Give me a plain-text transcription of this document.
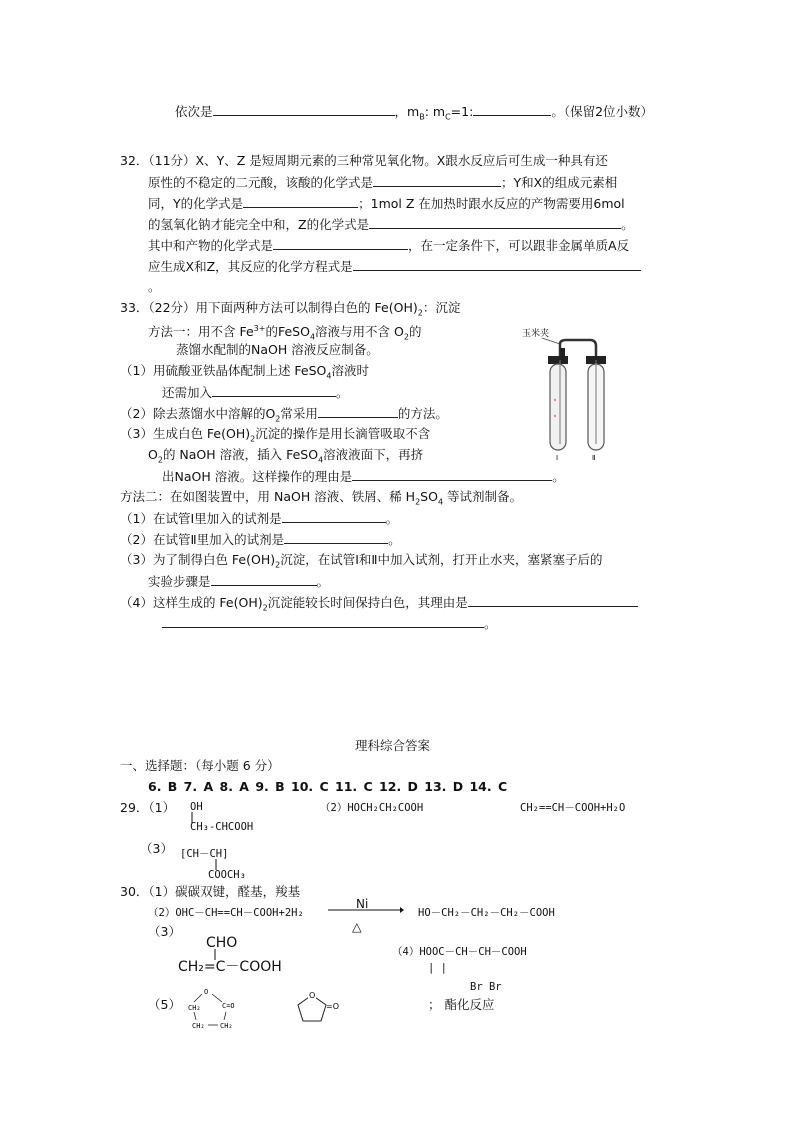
依次是	，$m_B$: $m_C=1$:	。（保留2位小数）
32．（11分）X、Y、Z 是短周期元素的三种常见氧化物。X跟水反应后可生成一种具有还
原性的不稳定的二元酸，该酸的化学式是	；Y和X的组成元素相
同，Y的化学式是	；1mol Z 在加热时跟水反应的产物需要用6mol
的氢氧化钠才能完全中和，Z的化学式是	。
其中和产物的化学式是	，在一定条件下，可以跟非金属单质A反
应生成X和Z，其反应的化学方程式是
。
33．（22分）用下面两种方法可以制得白色的 $Fe(OH)_2$：沉淀
方法一：用不含 $Fe^{3+}$的FeSO$_4$溶液与用不含 $O_2$的
蒸馏水配制的NaOH 溶液反应制备。
（1）用硫酸亚铁晶体配制上述 FeSO$_4$溶液时
还需加入	。
（2）除去蒸馏水中溶解的$O_2$常采用	的方法。
（3）生成白色 $Fe(OH)_2$沉淀的操作是用长滴管吸取不含
$O_2$的 NaOH 溶液，插入 FeSO$_4$溶液液面下，再挤
出NaOH 溶液。这样操作的理由是	。
方法二：在如图装置中，用 NaOH 溶液、铁屑、稀 $H_2SO_4$ 等试剂制备。
（1）在试管Ⅰ里加入的试剂是	。
（2）在试管Ⅱ里加入的试剂是	。
（3）为了制得白色 $Fe(OH)_2$沉淀，在试管Ⅰ和Ⅱ中加入试剂，打开止水夹，塞紧塞子后的
实验步骤是	。
（4）这样生成的 $Fe(OH)_2$沉淀能较长时间保持白色，其理由是
。
玉米夹
Ⅰ	Ⅱ
理科综合答案
一、选择题：（每小题 6 分）
6. B 7. A 8. A 9. B 10. C 11. C 12. D 13. D 14. C
29．（1） OH
CH₃-CHCOOH
（2）HOCH₂CH₂COOH	CH₂==CH－COOH+H₂O
（3） [CH－CH]
COOCH₃
30．（1）碳碳双键，醛基，羧基
（2）OHC－CH==CH－COOH+2H₂
Ni
△
HO－CH₂－CH₂－CH₂－COOH
（3）
CHO
CH₂=C－COOH
（4）HOOC－CH－CH－COOH
| |
Br Br
（5）
O
C=O
CH₂
CH₂ CH₂
O
=O	； 酯化反应
